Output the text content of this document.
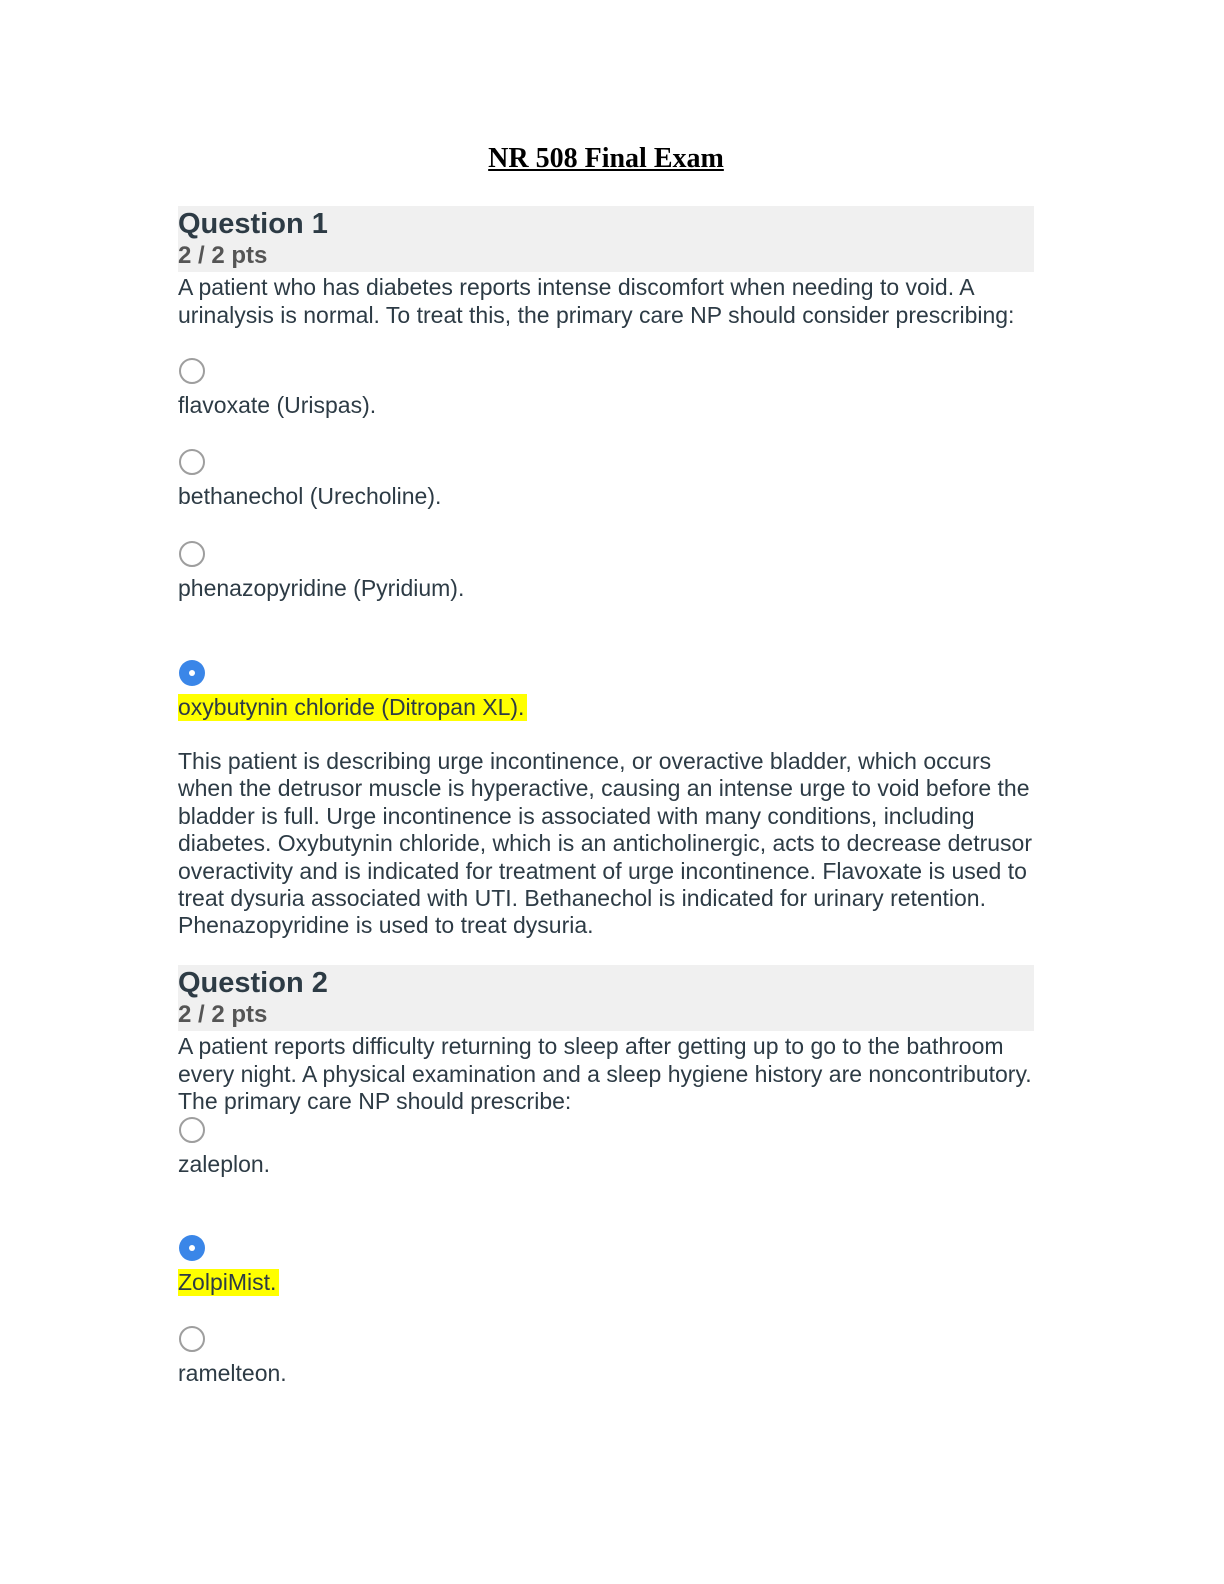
NR 508 Final Exam
Question 1
2 / 2 pts

A patient who has diabetes reports intense discomfort when needing to void. A urinalysis is normal. To treat this, the primary care NP should consider prescribing:

flavoxate (Urispas).
bethanechol (Urecholine).
phenazopyridine (Pyridium).
oxybutynin chloride (Ditropan XL).

This patient is describing urge incontinence, or overactive bladder, which occurs when the detrusor muscle is hyperactive, causing an intense urge to void before the bladder is full. Urge incontinence is associated with many conditions, including diabetes. Oxybutynin chloride, which is an anticholinergic, acts to decrease detrusor overactivity and is indicated for treatment of urge incontinence. Flavoxate is used to treat dysuria associated with UTI. Bethanechol is indicated for urinary retention. Phenazopyridine is used to treat dysuria.

Question 2
2 / 2 pts

A patient reports difficulty returning to sleep after getting up to go to the bathroom every night. A physical examination and a sleep hygiene history are noncontributory. The primary care NP should prescribe:

zaleplon.
ZolpiMist.
ramelteon.
